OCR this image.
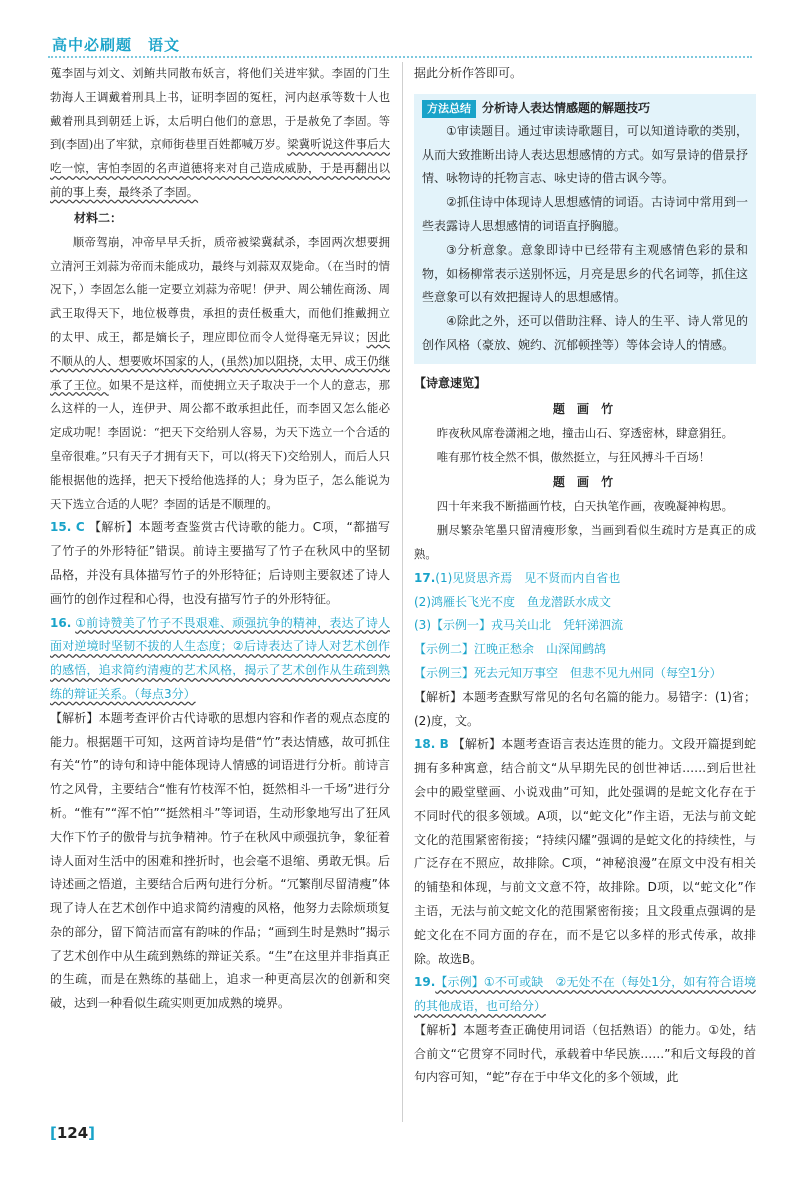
高中必刷题　语文

蒐李固与刘文、刘鲔共同散布妖言，将他们关进牢狱。李固的门生勃海人王调戴着刑具上书，证明李固的冤枉，河内赵承等数十人也戴着刑具到朝廷上诉，太后明白他们的意思，于是赦免了李固。等到(李固)出了牢狱，京师街巷里百姓都喊万岁。梁冀听说这件事后大吃一惊，害怕李固的名声道德将来对自己造成威胁，于是再翻出以前的事上奏，最终杀了李固。

材料二：

顺帝驾崩，冲帝早早夭折，质帝被梁冀弑杀，李固两次想要拥立清河王刘蒜为帝而未能成功，最终与刘蒜双双毙命。（在当时的情况下，）李固怎么能一定要立刘蒜为帝呢！伊尹、周公辅佐商汤、周武王取得天下，地位极尊贵，承担的责任极重大，而他们推戴拥立的太甲、成王，都是嫡长子，理应即位而令人觉得毫无异议；因此不顺从的人、想要败坏国家的人，(虽然)加以阻挠，太甲、成王仍继承了王位。如果不是这样，而使拥立天子取决于一个人的意志，那么这样的一人，连伊尹、周公都不敢承担此任，而李固又怎么能必定成功呢！李固说：“把天下交给别人容易，为天下选立一个合适的皇帝很难。”只有天子才拥有天下，可以(将天下)交给别人，而后人只能根据他的选择，把天下授给他选择的人；身为臣子，怎么能说为天下选立合适的人呢？李固的话是不顺理的。

15. C 【解析】本题考查鉴赏古代诗歌的能力。C项，“都描写了竹子的外形特征”错误。前诗主要描写了竹子在秋风中的坚韧品格，并没有具体描写竹子的外形特征；后诗则主要叙述了诗人画竹的创作过程和心得，也没有描写竹子的外形特征。

16. ①前诗赞美了竹子不畏艰难、顽强抗争的精神，表达了诗人面对逆境时坚韧不拔的人生态度；②后诗表达了诗人对艺术创作的感悟，追求简约清瘦的艺术风格，揭示了艺术创作从生疏到熟练的辩证关系。（每点3分）

【解析】本题考查评价古代诗歌的思想内容和作者的观点态度的能力。根据题干可知，这两首诗均是借“竹”表达情感，故可抓住有关“竹”的诗句和诗中能体现诗人情感的词语进行分析。前诗言竹之风骨，主要结合“惟有竹枝浑不怕，挺然相斗一千场”进行分析。“惟有”“浑不怕”“挺然相斗”等词语，生动形象地写出了狂风大作下竹子的傲骨与抗争精神。竹子在秋风中顽强抗争，象征着诗人面对生活中的困难和挫折时，也会毫不退缩、勇敢无惧。后诗述画之悟道，主要结合后两句进行分析。“冗繁削尽留清瘦”体现了诗人在艺术创作中追求简约清瘦的风格，他努力去除烦琐复杂的部分，留下简洁而富有韵味的作品；“画到生时是熟时”揭示了艺术创作中从生疏到熟练的辩证关系。“生”在这里并非指真正的生疏，而是在熟练的基础上，追求一种更高层次的创新和突破，达到一种看似生疏实则更加成熟的境界。

据此分析作答即可。

方法总结 分析诗人表达情感题的解题技巧

①审读题目。通过审读诗歌题目，可以知道诗歌的类别，从而大致推断出诗人表达思想感情的方式。如写景诗的借景抒情、咏物诗的托物言志、咏史诗的借古讽今等。

②抓住诗中体现诗人思想感情的词语。古诗词中常用到一些表露诗人思想感情的词语直抒胸臆。

③分析意象。意象即诗中已经带有主观感情色彩的景和物，如杨柳常表示送别怀远，月亮是思乡的代名词等，抓住这些意象可以有效把握诗人的思想感情。

④除此之外，还可以借助注释、诗人的生平、诗人常见的创作风格（豪放、婉约、沉郁顿挫等）等体会诗人的情感。

【诗意速览】

题 画 竹

昨夜秋风席卷潇湘之地，撞击山石、穿透密林，肆意狷狂。

唯有那竹枝全然不惧，傲然挺立，与狂风搏斗千百场！

题 画 竹

四十年来我不断描画竹枝，白天执笔作画，夜晚凝神构思。

删尽繁杂笔墨只留清瘦形象，当画到看似生疏时方是真正的成熟。

17.(1)见贤思齐焉　见不贤而内自省也

(2)鸿雁长飞光不度　鱼龙潜跃水成文

(3)【示例一】戎马关山北　凭轩涕泗流

【示例二】江晚正愁余　山深闻鹧鸪

【示例三】死去元知万事空　但悲不见九州同（每空1分）

【解析】本题考查默写常见的名句名篇的能力。易错字：(1)省；(2)度，文。

18. B 【解析】本题考查语言表达连贯的能力。文段开篇提到蛇拥有多种寓意，结合前文“从早期先民的创世神话……到后世社会中的殿堂壁画、小说戏曲”可知，此处强调的是蛇文化存在于不同时代的很多领域。A项，以“蛇文化”作主语，无法与前文蛇文化的范围紧密衔接；“持续闪耀”强调的是蛇文化的持续性，与广泛存在不照应，故排除。C项，“神秘浪漫”在原文中没有相关的铺垫和体现，与前文文意不符，故排除。D项，以“蛇文化”作主语，无法与前文蛇文化的范围紧密衔接；且文段重点强调的是蛇文化在不同方面的存在，而不是它以多样的形式传承，故排除。故选B。

19.【示例】①不可或缺　②无处不在（每处1分，如有符合语境的其他成语，也可给分）

【解析】本题考查正确使用词语（包括熟语）的能力。①处，结合前文“它贯穿不同时代，承载着中华民族……”和后文每段的首句内容可知，“蛇”存在于中华文化的多个领域，此

[124]
